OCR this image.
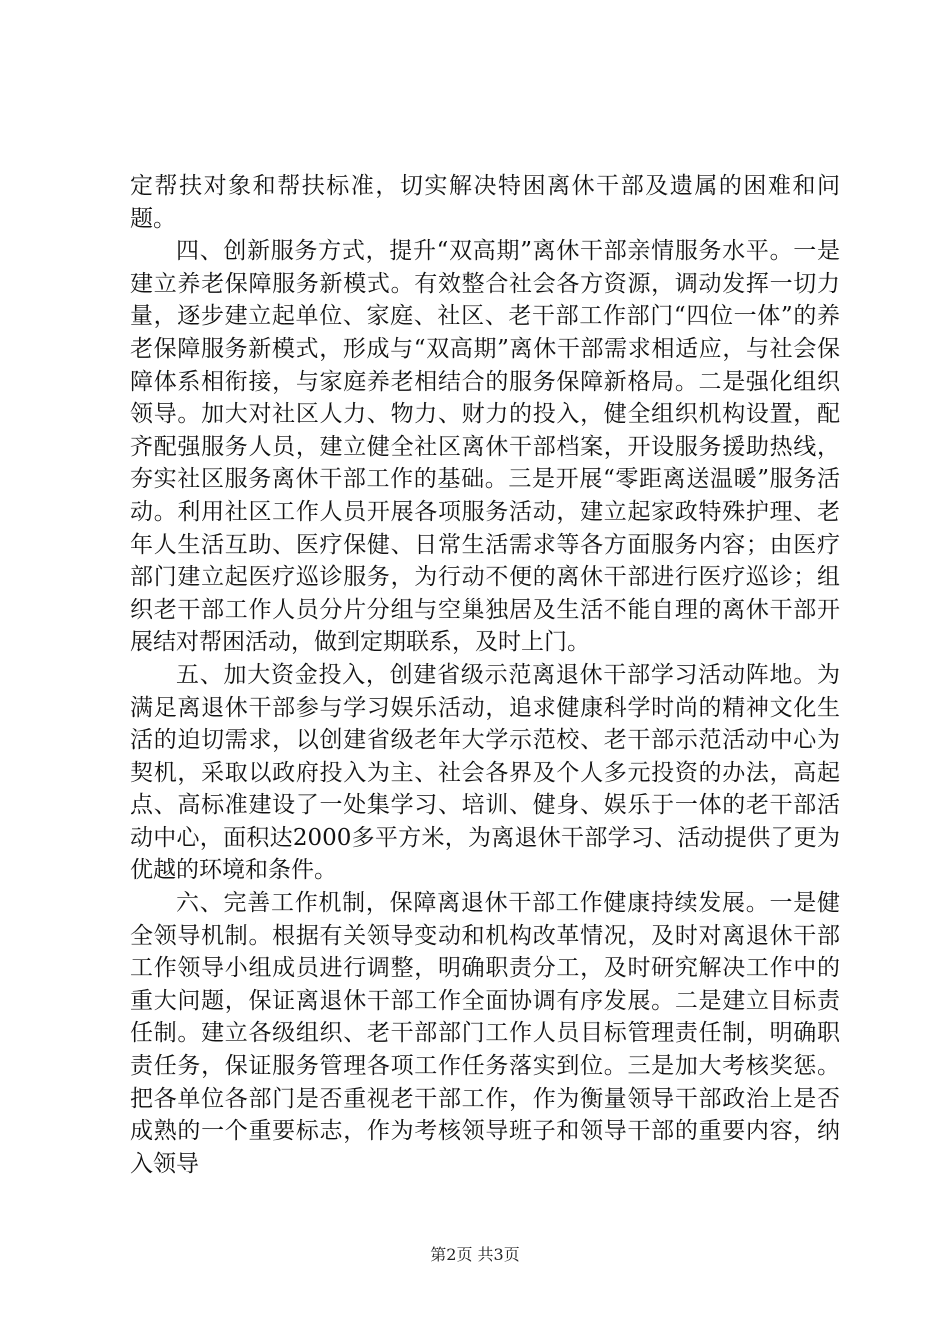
定帮扶对象和帮扶标准，切实解决特困离休干部及遗属的困难和问题。

四、创新服务方式，提升“双高期”离休干部亲情服务水平。一是建立养老保障服务新模式。有效整合社会各方资源，调动发挥一切力量，逐步建立起单位、家庭、社区、老干部工作部门“四位一体”的养老保障服务新模式，形成与“双高期”离休干部需求相适应，与社会保障体系相衔接，与家庭养老相结合的服务保障新格局。二是强化组织领导。加大对社区人力、物力、财力的投入，健全组织机构设置，配齐配强服务人员，建立健全社区离休干部档案，开设服务援助热线，夯实社区服务离休干部工作的基础。三是开展“零距离送温暖”服务活动。利用社区工作人员开展各项服务活动，建立起家政特殊护理、老年人生活互助、医疗保健、日常生活需求等各方面服务内容；由医疗部门建立起医疗巡诊服务，为行动不便的离休干部进行医疗巡诊；组织老干部工作人员分片分组与空巢独居及生活不能自理的离休干部开展结对帮困活动，做到定期联系，及时上门。

五、加大资金投入，创建省级示范离退休干部学习活动阵地。为满足离退休干部参与学习娱乐活动，追求健康科学时尚的精神文化生活的迫切需求，以创建省级老年大学示范校、老干部示范活动中心为契机，采取以政府投入为主、社会各界及个人多元投资的办法，高起点、高标准建设了一处集学习、培训、健身、娱乐于一体的老干部活动中心，面积达2000多平方米，为离退休干部学习、活动提供了更为优越的环境和条件。

六、完善工作机制，保障离退休干部工作健康持续发展。一是健全领导机制。根据有关领导变动和机构改革情况，及时对离退休干部工作领导小组成员进行调整，明确职责分工，及时研究解决工作中的重大问题，保证离退休干部工作全面协调有序发展。二是建立目标责任制。建立各级组织、老干部部门工作人员目标管理责任制，明确职责任务，保证服务管理各项工作任务落实到位。三是加大考核奖惩。把各单位各部门是否重视老干部工作，作为衡量领导干部政治上是否成熟的一个重要标志，作为考核领导班子和领导干部的重要内容，纳入领导

第2页 共3页
